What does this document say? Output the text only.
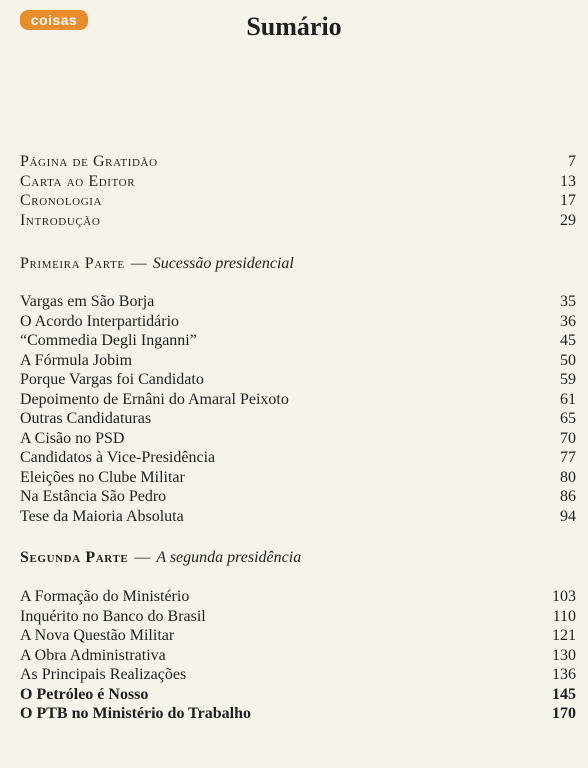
coisas	Sumário
Página de Gratidão	7
Carta ao Editor	13
Cronologia	17
Introdução	29
Primeira Parte — Sucessão presidencial
Vargas em São Borja	35
O Acordo Interpartidário	36
“Commedia Degli Inganni”	45
A Fórmula Jobim	50
Porque Vargas foi Candidato	59
Depoimento de Ernâni do Amaral Peixoto	61
Outras Candidaturas	65
A Cisão no PSD	70
Candidatos à Vice-Presidência	77
Eleições no Clube Militar	80
Na Estância São Pedro	86
Tese da Maioria Absoluta	94
Segunda Parte — A segunda presidência
A Formação do Ministério	103
Inquérito no Banco do Brasil	110
A Nova Questão Militar	121
A Obra Administrativa	130
As Principais Realizações	136
O Petróleo é Nosso	145
O PTB no Ministério do Trabalho	170
